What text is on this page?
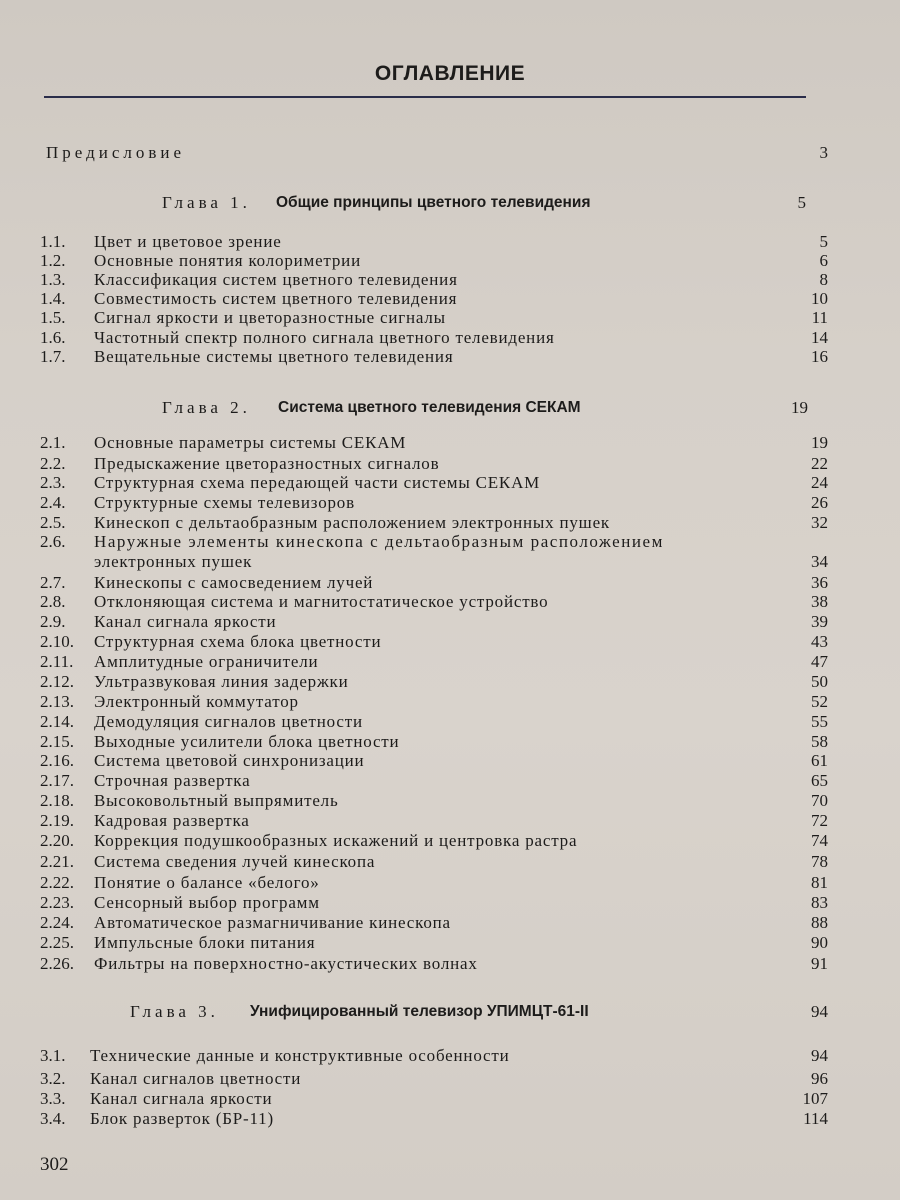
ОГЛАВЛЕНИЕ
Предисловие	3
Глава 1. Общие принципы цветного телевидения	5
1.1. Цвет и цветовое зрение	5
1.2. Основные понятия колориметрии	6
1.3. Классификация систем цветного телевидения	8
1.4. Совместимость систем цветного телевидения	10
1.5. Сигнал яркости и цветоразностные сигналы	11
1.6. Частотный спектр полного сигнала цветного телевидения	14
1.7. Вещательные системы цветного телевидения	16
Глава 2. Система цветного телевидения СЕКАМ	19
2.1. Основные параметры системы СЕКАМ	19
2.2. Предыскажение цветоразностных сигналов	22
2.3. Структурная схема передающей части системы СЕКАМ	24
2.4. Структурные схемы телевизоров	26
2.5. Кинескоп с дельтаобразным расположением электронных пушек	32
2.6. Наружные элементы кинескопа с дельтаобразным расположением
электронных пушек	34
2.7. Кинескопы с самосведением лучей	36
2.8. Отклоняющая система и магнитостатическое устройство	38
2.9. Канал сигнала яркости	39
2.10. Структурная схема блока цветности	43
2.11. Амплитудные ограничители	47
2.12. Ультразвуковая линия задержки	50
2.13. Электронный коммутатор	52
2.14. Демодуляция сигналов цветности	55
2.15. Выходные усилители блока цветности	58
2.16. Система цветовой синхронизации	61
2.17. Строчная развертка	65
2.18. Высоковольтный выпрямитель	70
2.19. Кадровая развертка	72
2.20. Коррекция подушкообразных искажений и центровка растра	74
2.21. Система сведения лучей кинескопа	78
2.22. Понятие о балансе «белого»	81
2.23. Сенсорный выбор программ	83
2.24. Автоматическое размагничивание кинескопа	88
2.25. Импульсные блоки питания	90
2.26. Фильтры на поверхностно-акустических волнах	91
Глава 3. Унифицированный телевизор УПИМЦТ-61-II	94
3.1. Технические данные и конструктивные особенности	94
3.2. Канал сигналов цветности	96
3.3. Канал сигнала яркости	107
3.4. Блок разверток (БР-11)	114
302
